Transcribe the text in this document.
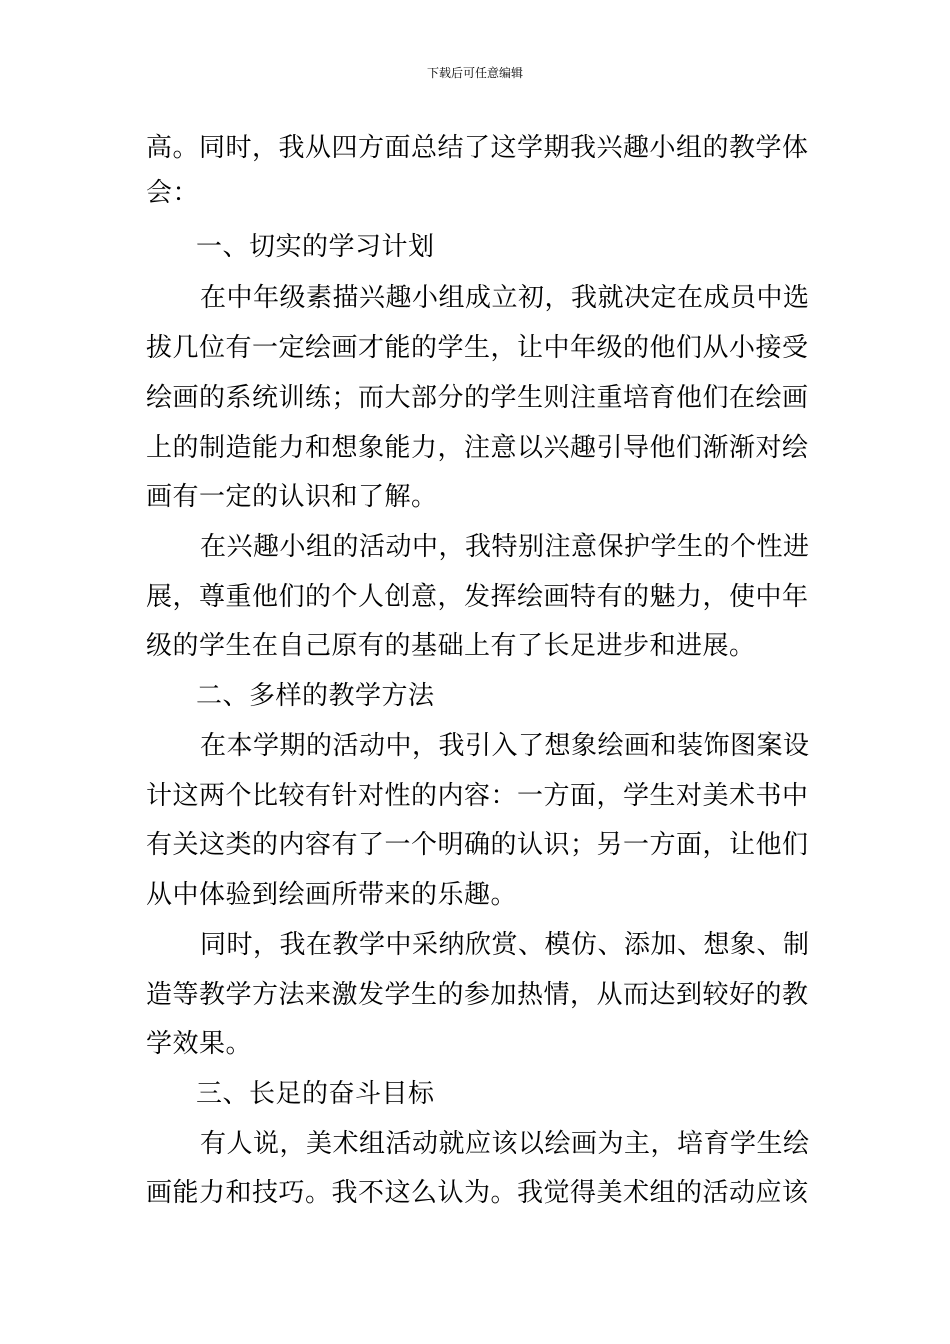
下载后可任意编辑
高。同时，我从四方面总结了这学期我兴趣小组的教学体
会：
一、切实的学习计划
在中年级素描兴趣小组成立初，我就决定在成员中选
拔几位有一定绘画才能的学生，让中年级的他们从小接受
绘画的系统训练；而大部分的学生则注重培育他们在绘画
上的制造能力和想象能力，注意以兴趣引导他们渐渐对绘
画有一定的认识和了解。
在兴趣小组的活动中，我特别注意保护学生的个性进
展，尊重他们的个人创意，发挥绘画特有的魅力，使中年
级的学生在自己原有的基础上有了长足进步和进展。
二、多样的教学方法
在本学期的活动中，我引入了想象绘画和装饰图案设
计这两个比较有针对性的内容：一方面，学生对美术书中
有关这类的内容有了一个明确的认识；另一方面，让他们
从中体验到绘画所带来的乐趣。
同时，我在教学中采纳欣赏、模仿、添加、想象、制
造等教学方法来激发学生的参加热情，从而达到较好的教
学效果。
三、长足的奋斗目标
有人说，美术组活动就应该以绘画为主，培育学生绘
画能力和技巧。我不这么认为。我觉得美术组的活动应该
